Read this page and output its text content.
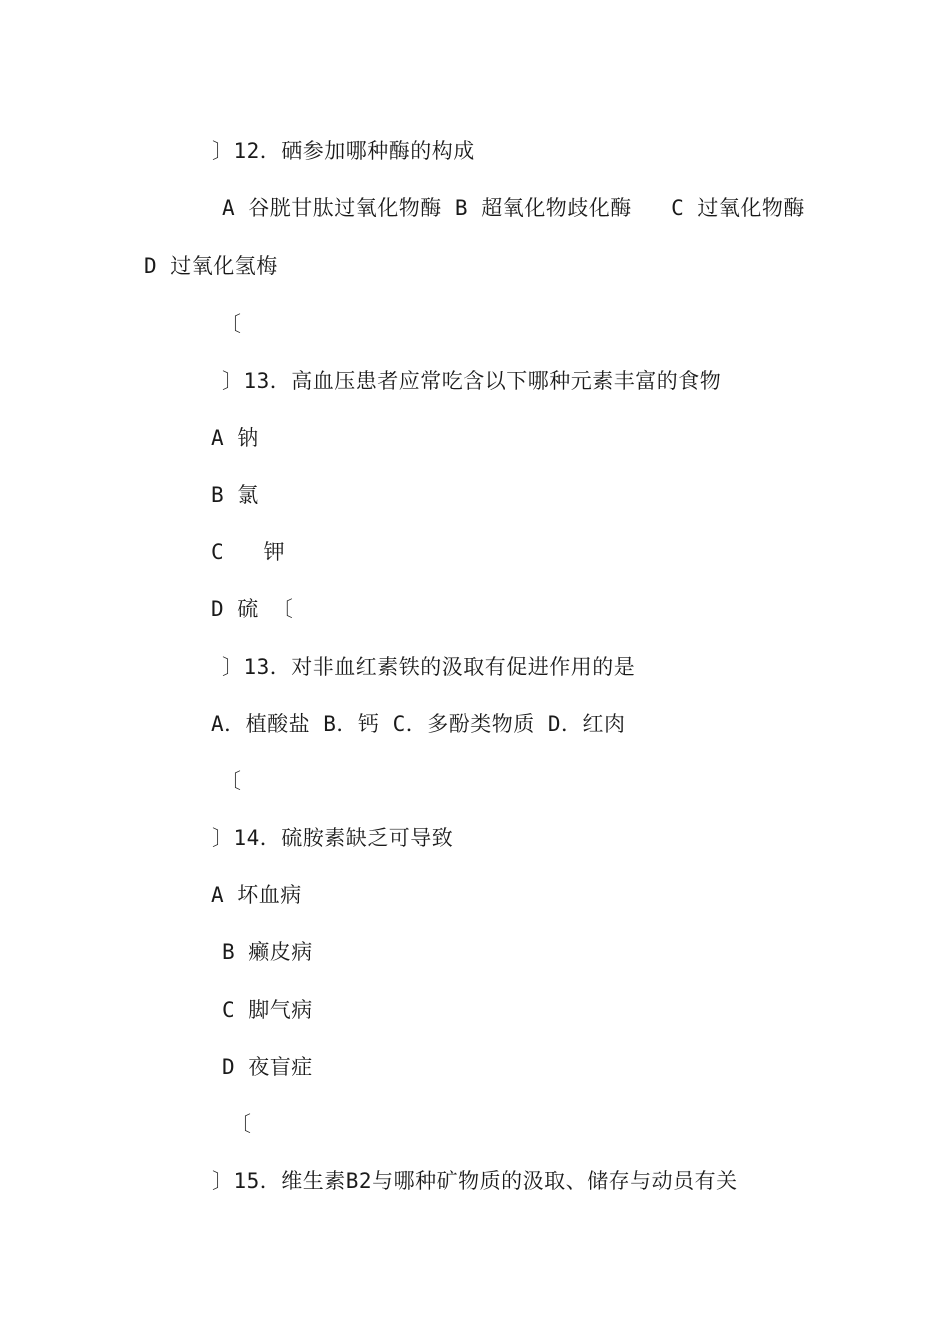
〕12．硒参加哪种酶的构成
A 谷胱甘肽过氧化物酶 B 超氧化物歧化酶   C 过氧化物酶
D 过氧化氢梅
〔
〕13．高血压患者应常吃含以下哪种元素丰富的食物
A 钠
B 氯
C   钾
D 硫 〔
〕13．对非血红素铁的汲取有促进作用的是
A．植酸盐 B．钙 C．多酚类物质 D．红肉
〔
〕14．硫胺素缺乏可导致
A 坏血病
B 癞皮病
C 脚气病
D 夜盲症
〔
〕15．维生素B2与哪种矿物质的汲取、储存与动员有关
